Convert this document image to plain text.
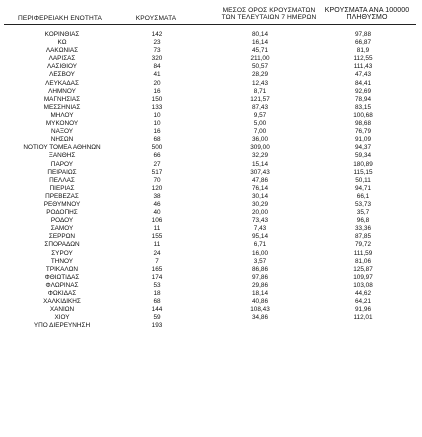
ΠΕΡΙΦΕΡΕΙΑΚΗ ΕΝΟΤΗΤΑ	ΚΡΟΥΣΜΑΤΑ
ΜΕΣΟΣ ΟΡΟΣ ΚΡΟΥΣΜΑΤΩΝ
ΤΩΝ ΤΕΛΕΥΤΑΙΩΝ 7 ΗΜΕΡΩΝ
ΚΡΟΥΣΜΑΤΑ ΑΝΑ 100000
ΠΛΗΘΥΣΜΟ
ΚΟΡΙΝΘΙΑΣ	142	80,14	97,88
ΚΩ	23	16,14	66,87
ΛΑΚΩΝΙΑΣ	73	45,71	81,9
ΛΑΡΙΣΑΣ	320	211,00	112,55
ΛΑΣΙΘΙΟΥ	84	50,57	111,43
ΛΕΣΒΟΥ	41	28,29	47,43
ΛΕΥΚΑΔΑΣ	20	12,43	84,41
ΛΗΜΝΟΥ	16	8,71	92,69
ΜΑΓΝΗΣΙΑΣ	150	121,57	78,94
ΜΕΣΣΗΝΙΑΣ	133	87,43	83,15
ΜΗΛΟΥ	10	9,57	100,68
ΜΥΚΟΝΟΥ	10	5,00	98,68
ΝΑΞΟΥ	16	7,00	76,79
ΝΗΣΩΝ	68	36,00	91,09
ΝΟΤΙΟΥ ΤΟΜΕΑ ΑΘΗΝΩΝ	500	309,00	94,37
ΞΑΝΘΗΣ	66	32,29	59,34
ΠΑΡΟΥ	27	15,14	180,89
ΠΕΙΡΑΙΩΣ	517	307,43	115,15
ΠΕΛΛΑΣ	70	47,86	50,11
ΠΙΕΡΙΑΣ	120	76,14	94,71
ΠΡΕΒΕΖΑΣ	38	30,14	66,1
ΡΕΘΥΜΝΟΥ	46	30,29	53,73
ΡΟΔΟΠΗΣ	40	20,00	35,7
ΡΟΔΟΥ	106	73,43	96,8
ΣΑΜΟΥ	11	7,43	33,36
ΣΕΡΡΩΝ	155	95,14	87,85
ΣΠΟΡΑΔΩΝ	11	6,71	79,72
ΣΥΡΟΥ	24	16,00	111,59
ΤΗΝΟΥ	7	3,57	81,06
ΤΡΙΚΑΛΩΝ	165	86,86	125,87
ΦΘΙΩΤΙΔΑΣ	174	97,86	109,97
ΦΛΩΡΙΝΑΣ	53	29,86	103,08
ΦΩΚΙΔΑΣ	18	18,14	44,62
ΧΑΛΚΙΔΙΚΗΣ	68	40,86	64,21
ΧΑΝΙΩΝ	144	108,43	91,96
ΧΙΟΥ	59	34,86	112,01
ΥΠΟ ΔΙΕΡΕΥΝΗΣΗ	193
